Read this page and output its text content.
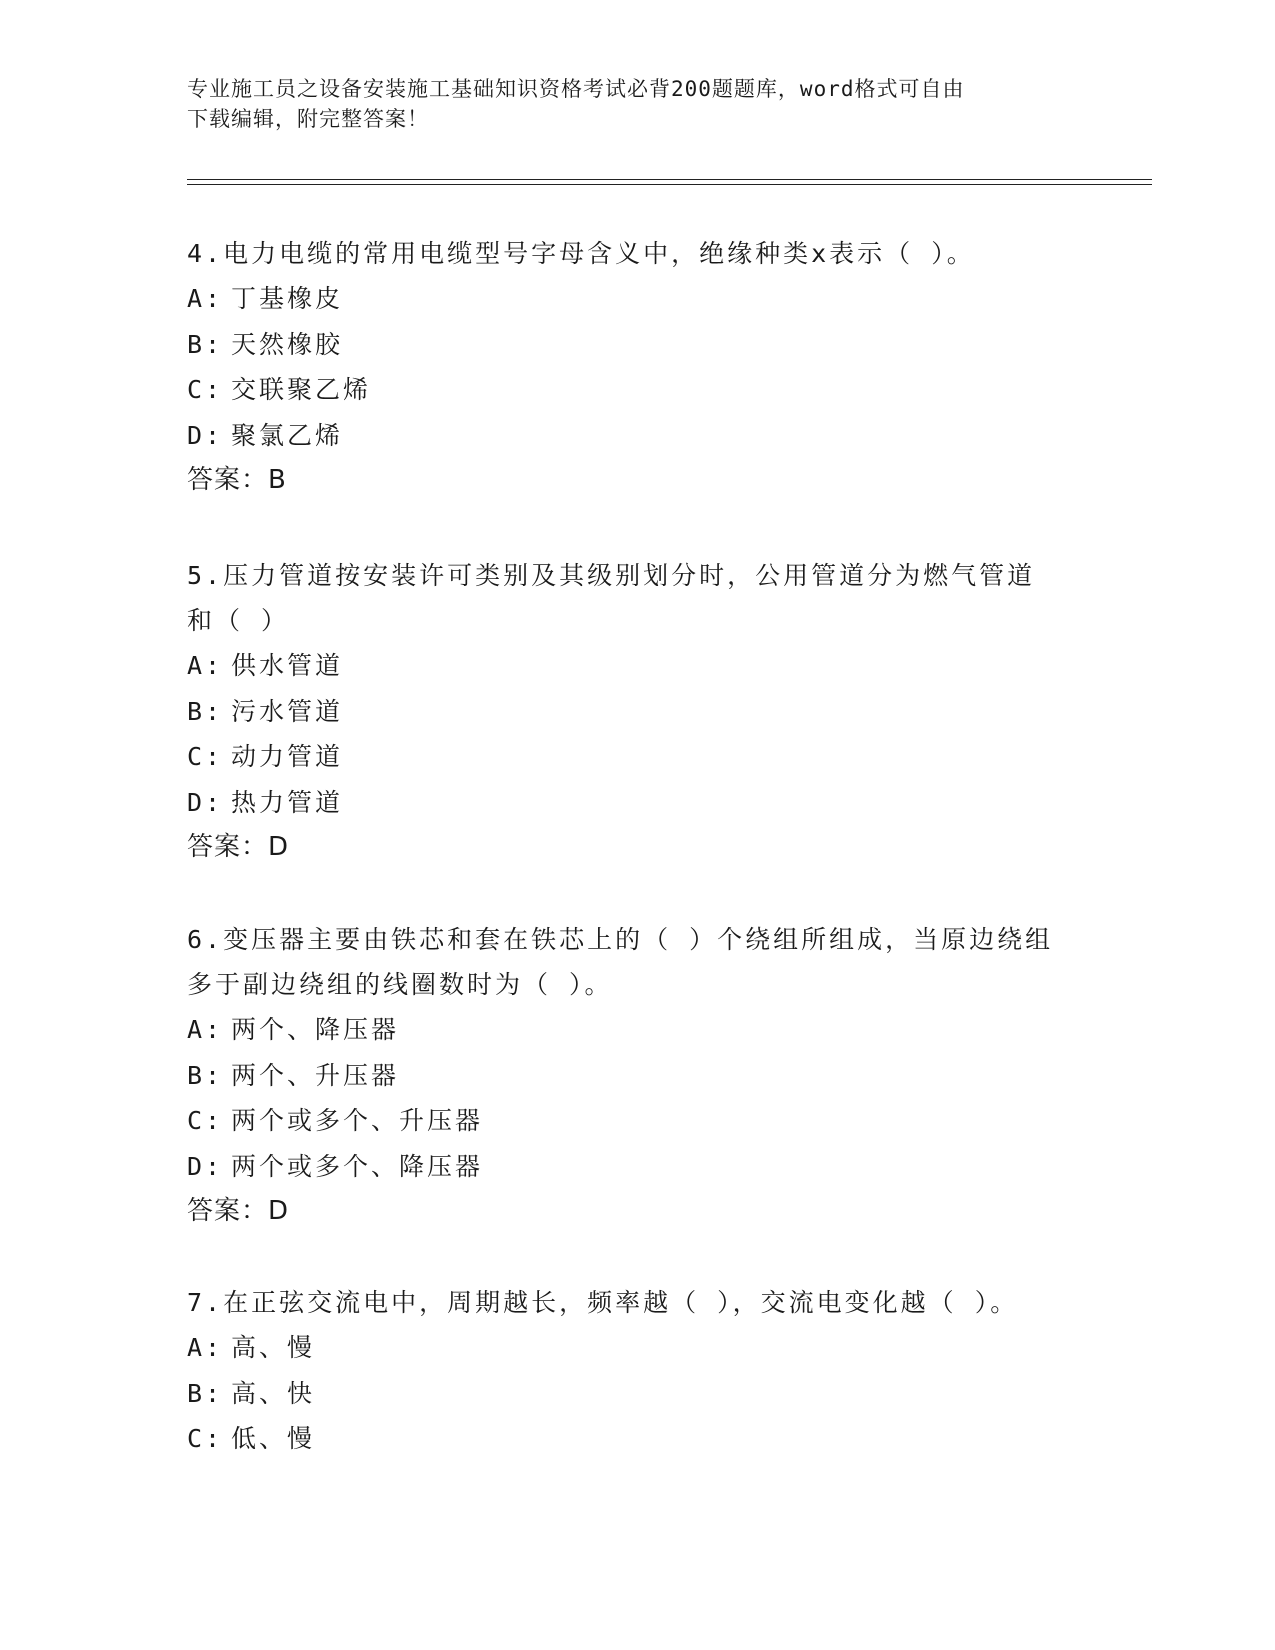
专业施工员之设备安装施工基础知识资格考试必背200题题库，word格式可自由
下载编辑，附完整答案！
4.电力电缆的常用电缆型号字母含义中，绝缘种类x表示（ ）。
A: 丁基橡皮
B: 天然橡胶
C: 交联聚乙烯
D: 聚氯乙烯
答案：B
5.压力管道按安装许可类别及其级别划分时，公用管道分为燃气管道
和（ ）
A: 供水管道
B: 污水管道
C: 动力管道
D: 热力管道
答案：D
6.变压器主要由铁芯和套在铁芯上的（ ）个绕组所组成，当原边绕组
多于副边绕组的线圈数时为（ ）。
A: 两个、降压器
B: 两个、升压器
C: 两个或多个、升压器
D: 两个或多个、降压器
答案：D
7.在正弦交流电中，周期越长，频率越（ ），交流电变化越（ ）。
A: 高、慢
B: 高、快
C: 低、慢
